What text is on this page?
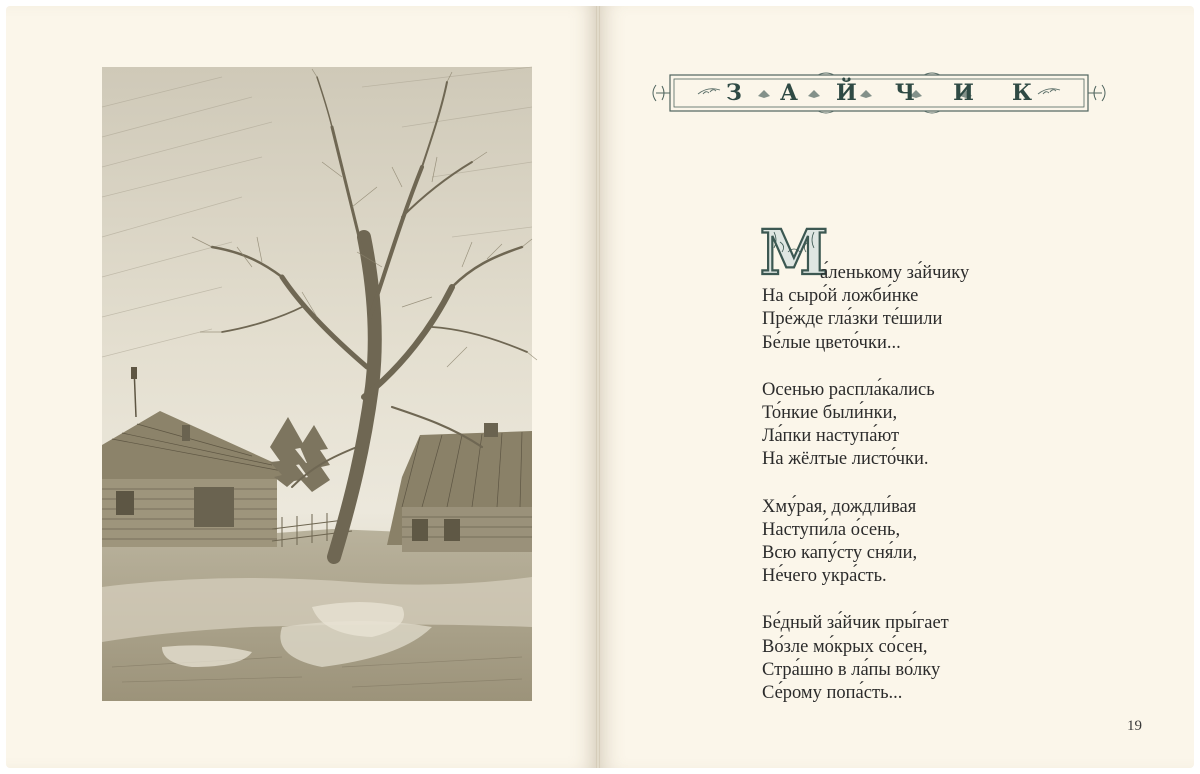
З А Й Ч И К
М
а́ленькому за́йчику
На сыро́й ложби́нке
Пре́жде гла́зки те́шили
Бе́лые цвето́чки...
Осенью распла́кались
То́нкие были́нки,
Ла́пки наступа́ют
На жёлтые листо́чки.
Хму́рая, дождли́вая
Наступи́ла о́сень,
Всю капу́сту сня́ли,
Не́чего укра́сть.
Бе́дный за́йчик пры́гает
Во́зле мо́крых со́сен,
Стра́шно в ла́пы во́лку
Се́рому попа́сть...
19
